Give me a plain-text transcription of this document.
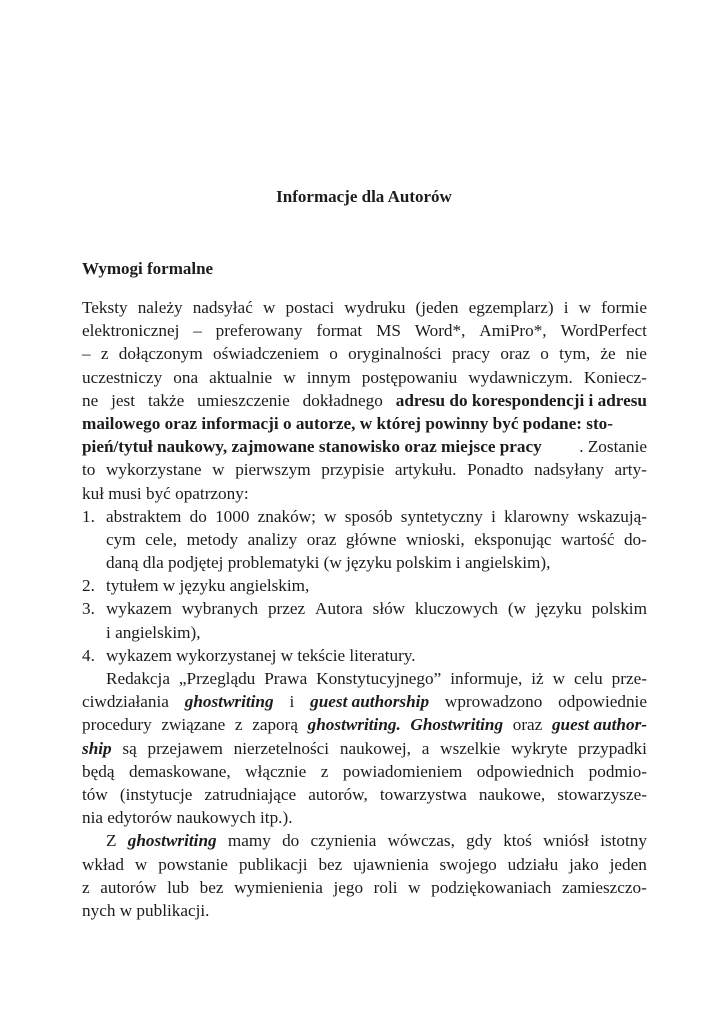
Informacje dla Autorów
Wymogi formalne
Teksty należy nadsyłać w postaci wydruku (jeden egzemplarz) i w formie
elektronicznej – preferowany format MS Word*, AmiPro*, WordPerfect
– z dołączonym oświadczeniem o oryginalności pracy oraz o tym, że nie
uczestniczy ona aktualnie w innym postępowaniu wydawniczym. Koniecz-
ne jest także umieszczenie dokładnego adresu do korespondencji i adresu
mailowego oraz informacji o autorze, w której powinny być podane: sto-
pień/tytuł naukowy, zajmowane stanowisko oraz miejsce pracy . Zostanie
to wykorzystane w pierwszym przypisie artykułu. Ponadto nadsyłany arty-
kuł musi być opatrzony:
1. abstraktem do 1000 znaków; w sposób syntetyczny i klarowny wskazują-
cym cele, metody analizy oraz główne wnioski, eksponując wartość do-
daną dla podjętej problematyki (w języku polskim i angielskim),
2. tytułem w języku angielskim,
3. wykazem wybranych przez Autora słów kluczowych (w języku polskim
i angielskim),
4. wykazem wykorzystanej w tekście literatury.
Redakcja „Przeglądu Prawa Konstytucyjnego” informuje, iż w celu prze-
ciwdziałania ghostwriting i guest authorship wprowadzono odpowiednie
procedury związane z zaporą ghostwriting. Ghostwriting oraz guest author-
ship są przejawem nierzetelności naukowej, a wszelkie wykryte przypadki
będą demaskowane, włącznie z powiadomieniem odpowiednich podmio-
tów (instytucje zatrudniające autorów, towarzystwa naukowe, stowarzysze-
nia edytorów naukowych itp.).
Z ghostwriting mamy do czynienia wówczas, gdy ktoś wniósł istotny
wkład w powstanie publikacji bez ujawnienia swojego udziału jako jeden
z autorów lub bez wymienienia jego roli w podziękowaniach zamieszczo-
nych w publikacji.
